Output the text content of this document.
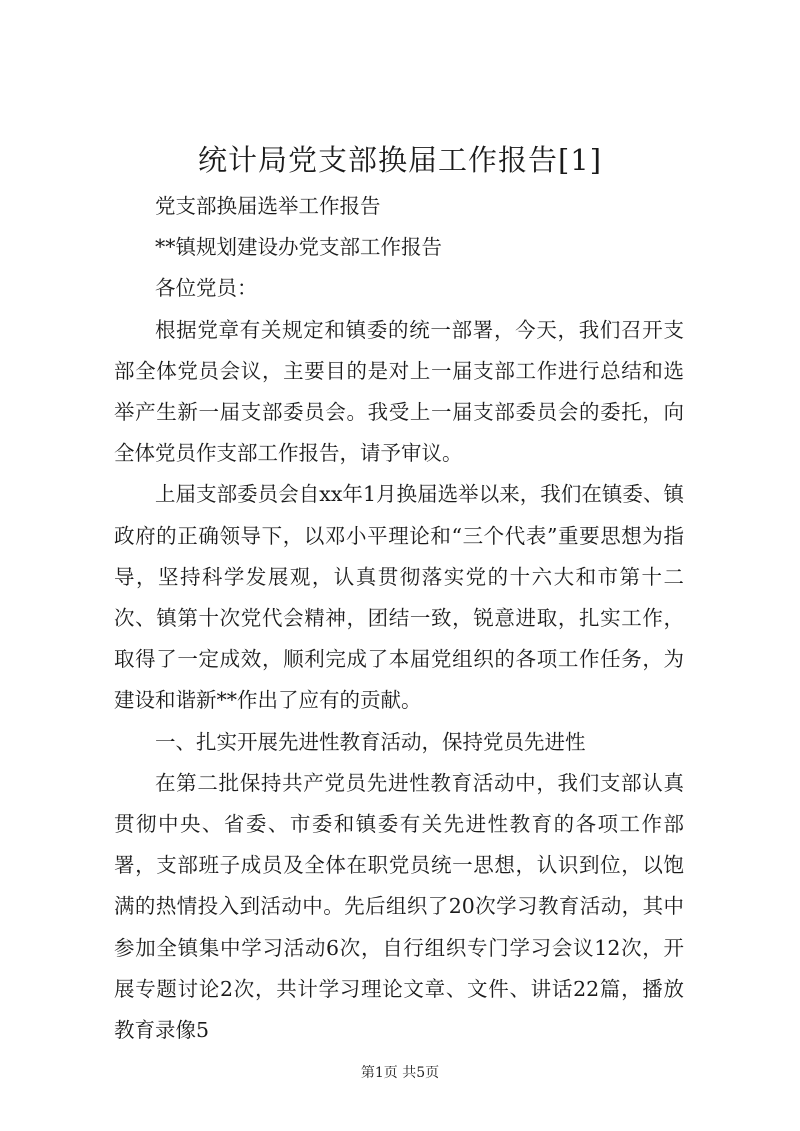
统计局党支部换届工作报告[1]

党支部换届选举工作报告

**镇规划建设办党支部工作报告

各位党员：

根据党章有关规定和镇委的统一部署，今天，我们召开支部全体党员会议，主要目的是对上一届支部工作进行总结和选举产生新一届支部委员会。我受上一届支部委员会的委托，向全体党员作支部工作报告，请予审议。

上届支部委员会自xx年1月换届选举以来，我们在镇委、镇政府的正确领导下，以邓小平理论和“三个代表”重要思想为指导，坚持科学发展观，认真贯彻落实党的十六大和市第十二次、镇第十次党代会精神，团结一致，锐意进取，扎实工作，取得了一定成效，顺利完成了本届党组织的各项工作任务，为建设和谐新**作出了应有的贡献。

一、扎实开展先进性教育活动，保持党员先进性

在第二批保持共产党员先进性教育活动中，我们支部认真贯彻中央、省委、市委和镇委有关先进性教育的各项工作部署，支部班子成员及全体在职党员统一思想，认识到位，以饱满的热情投入到活动中。先后组织了20次学习教育活动，其中参加全镇集中学习活动6次，自行组织专门学习会议12次，开展专题讨论2次，共计学习理论文章、文件、讲话22篇，播放教育录像5

第1页 共5页
